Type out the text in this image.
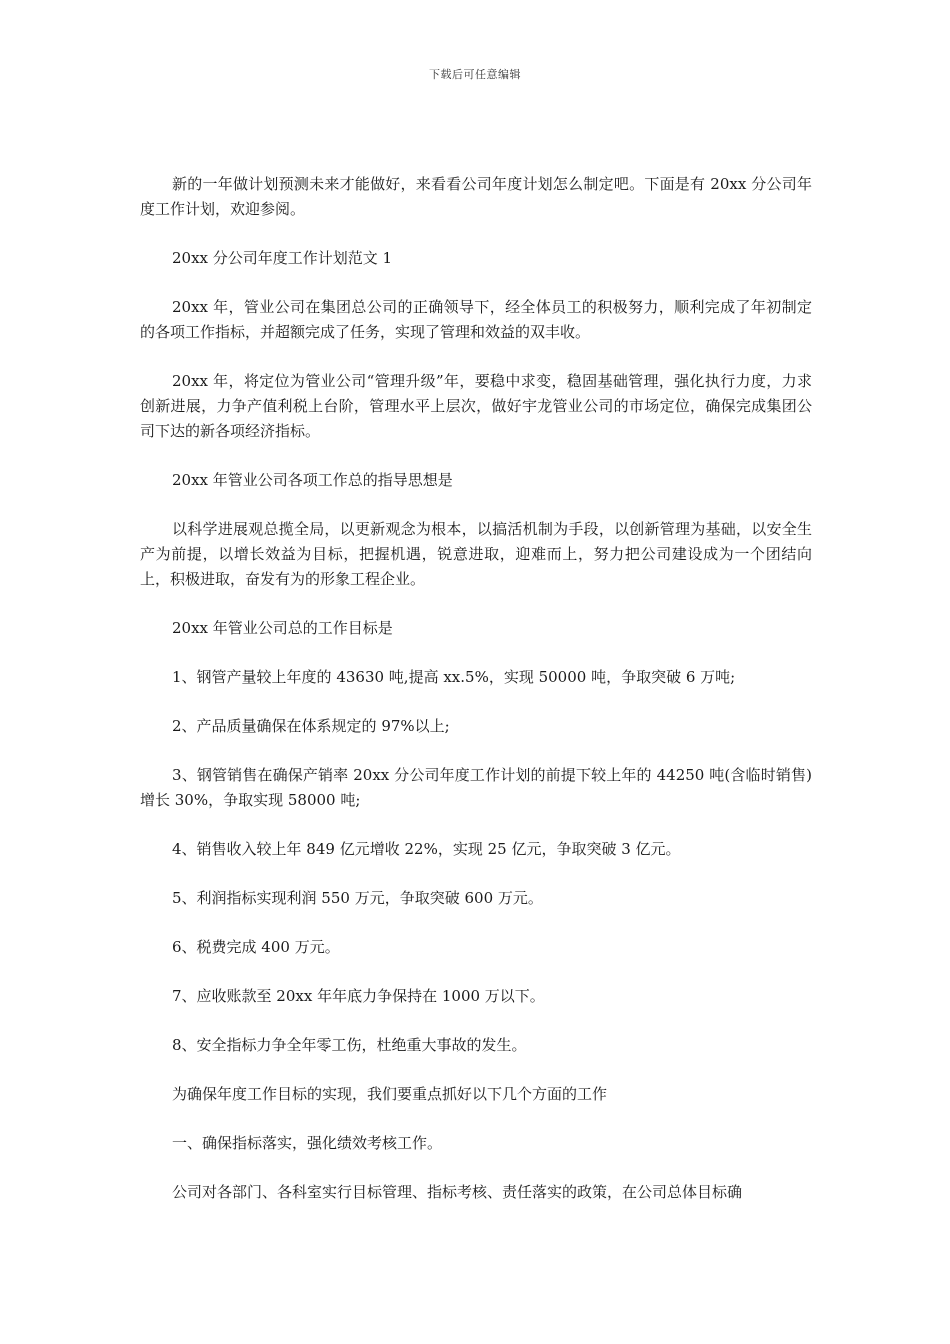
下载后可任意编辑

新的一年做计划预测未来才能做好，来看看公司年度计划怎么制定吧。下面是有 20xx 分公司年度工作计划，欢迎参阅。

20xx 分公司年度工作计划范文 1

20xx 年，管业公司在集团总公司的正确领导下，经全体员工的积极努力，顺利完成了年初制定的各项工作指标，并超额完成了任务，实现了管理和效益的双丰收。

20xx 年，将定位为管业公司“管理升级”年，要稳中求变，稳固基础管理，强化执行力度，力求创新进展，力争产值利税上台阶，管理水平上层次，做好宇龙管业公司的市场定位，确保完成集团公司下达的新各项经济指标。

20xx 年管业公司各项工作总的指导思想是

以科学进展观总揽全局，以更新观念为根本，以搞活机制为手段，以创新管理为基础，以安全生产为前提，以增长效益为目标，把握机遇，锐意进取，迎难而上，努力把公司建设成为一个团结向上，积极进取，奋发有为的形象工程企业。

20xx 年管业公司总的工作目标是

1、钢管产量较上年度的 43630 吨,提高 xx.5%，实现 50000 吨，争取突破 6 万吨;

2、产品质量确保在体系规定的 97%以上;

3、钢管销售在确保产销率 20xx 分公司年度工作计划的前提下较上年的 44250 吨(含临时销售)增长 30%，争取实现 58000 吨;

4、销售收入较上年 849 亿元增收 22%，实现 25 亿元，争取突破 3 亿元。

5、利润指标实现利润 550 万元，争取突破 600 万元。

6、税费完成 400 万元。

7、应收账款至 20xx 年年底力争保持在 1000 万以下。

8、安全指标力争全年零工伤，杜绝重大事故的发生。

为确保年度工作目标的实现，我们要重点抓好以下几个方面的工作

一、确保指标落实，强化绩效考核工作。

公司对各部门、各科室实行目标管理、指标考核、责任落实的政策，在公司总体目标确
